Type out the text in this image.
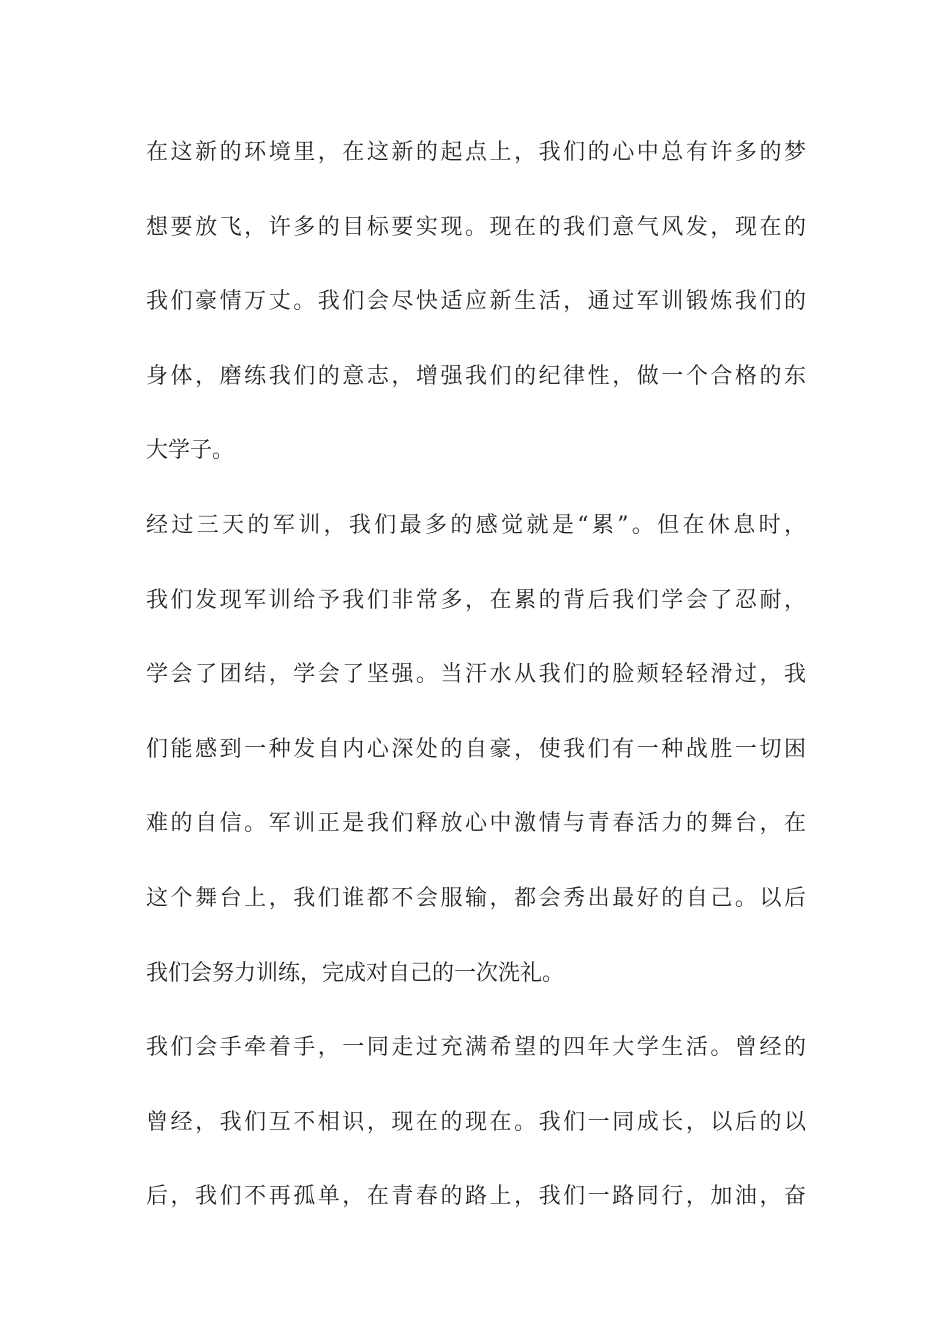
在这新的环境里，在这新的起点上，我们的心中总有许多的梦
想要放飞，许多的目标要实现。现在的我们意气风发，现在的
我们豪情万丈。我们会尽快适应新生活，通过军训锻炼我们的
身体，磨练我们的意志，增强我们的纪律性，做一个合格的东
大学子。
经过三天的军训，我们最多的感觉就是“累”。但在休息时，
我们发现军训给予我们非常多，在累的背后我们学会了忍耐，
学会了团结，学会了坚强。当汗水从我们的脸颊轻轻滑过，我
们能感到一种发自内心深处的自豪，使我们有一种战胜一切困
难的自信。军训正是我们释放心中激情与青春活力的舞台，在
这个舞台上，我们谁都不会服输，都会秀出最好的自己。以后
我们会努力训练，完成对自己的一次洗礼。
我们会手牵着手，一同走过充满希望的四年大学生活。曾经的
曾经，我们互不相识，现在的现在。我们一同成长，以后的以
后，我们不再孤单，在青春的路上，我们一路同行，加油，奋
